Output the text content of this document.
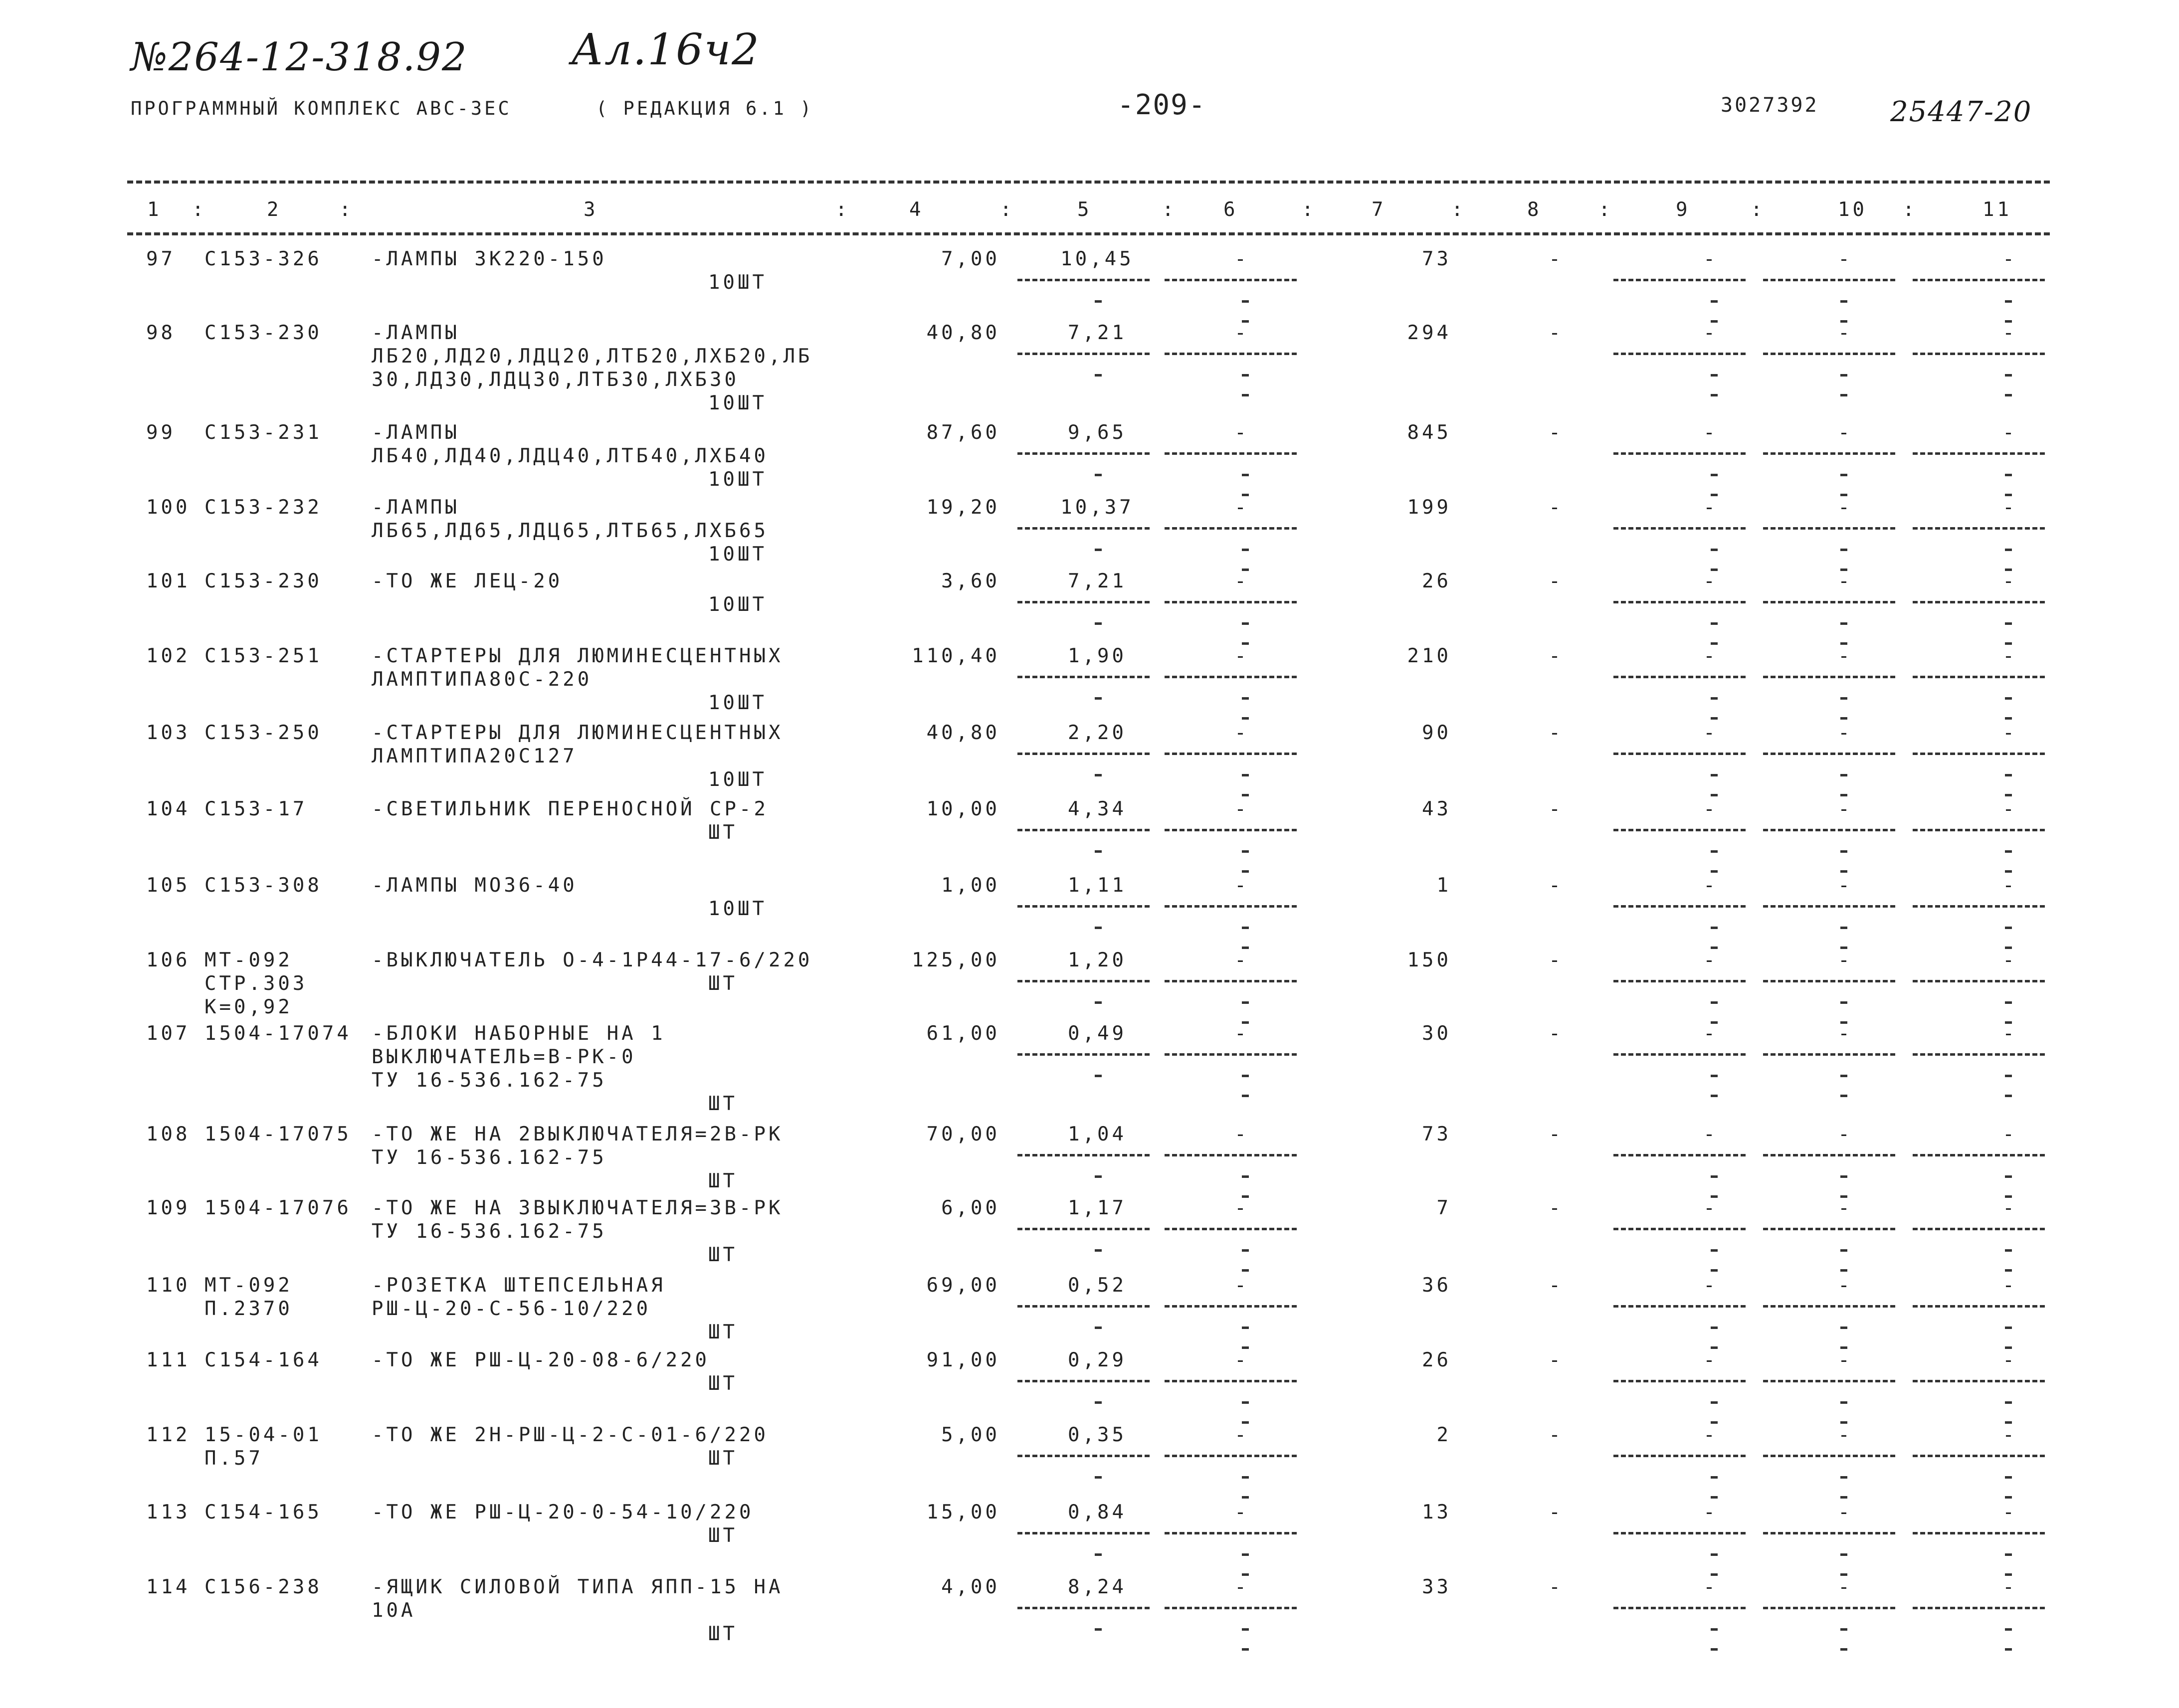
№264-12-318.92 Ал.16ч2
25447-20
ПРОГРАММНЫЙ КОМПЛЕКС АВС-3ЕС	( РЕДАКЦИЯ 6.1 )	-209-	3027392
1	2	3	4	5	6	7	8	9	10	11
:	:	:	:	:	:	:	:	:	:
97 С153-326	-ЛАМПЫ ЗК220-150
10ШТ
7,00	10,45	-	73	-	-	-	-
98 С153-230	-ЛАМПЫ
ЛБ20,ЛД20,ЛДЦ20,ЛТБ20,ЛХБ20,ЛБ
30,ЛД30,ЛДЦ30,ЛТБ30,ЛХБ30
10ШТ
40,80	7,21	-	294	-	-	-	-
99 С153-231	-ЛАМПЫ
ЛБ40,ЛД40,ЛДЦ40,ЛТБ40,ЛХБ40
10ШТ
87,60	9,65	-	845	-	-	-	-
100 С153-232	-ЛАМПЫ
ЛБ65,ЛД65,ЛДЦ65,ЛТБ65,ЛХБ65
10ШТ
19,20	10,37	-	199	-	-	-	-
101 С153-230	-ТО ЖЕ ЛЕЦ-20
10ШТ
3,60	7,21	-	26	-	-	-	-
102 С153-251	-СТАРТЕРЫ ДЛЯ ЛЮМИНЕСЦЕНТНЫХ
ЛАМПТИПА80С-220
10ШТ
110,40	1,90	-	210	-	-	-	-
103 С153-250	-СТАРТЕРЫ ДЛЯ ЛЮМИНЕСЦЕНТНЫХ
ЛАМПТИПА20С127
10ШТ
40,80	2,20	-	90	-	-	-	-
104 С153-17	-СВЕТИЛЬНИК ПЕРЕНОСНОЙ СР-2
ШТ
10,00	4,34	-	43	-	-	-	-
105 С153-308	-ЛАМПЫ МО36-40
10ШТ
1,00	1,11	-	1	-	-	-	-
106 МТ-092
СТР.303
К=0,92
-ВЫКЛЮЧАТЕЛЬ О-4-1Р44-17-6/220
ШТ
125,00	1,20	-	150	-	-	-	-
107 1504-17074 -БЛОКИ НАБОРНЫЕ НА 1
ВЫКЛЮЧАТЕЛЬ=В-РК-0
ТУ 16-536.162-75
ШТ
61,00	0,49	-	30	-	-	-	-
108 1504-17075 -ТО ЖЕ НА 2ВЫКЛЮЧАТЕЛЯ=2В-РК
ТУ 16-536.162-75
ШТ
70,00	1,04	-	73	-	-	-	-
109 1504-17076 -ТО ЖЕ НА 3ВЫКЛЮЧАТЕЛЯ=3В-РК
ТУ 16-536.162-75
ШТ
6,00	1,17	-	7	-	-	-	-
110 МТ-092
П.2370
-РОЗЕТКА ШТЕПСЕЛЬНАЯ
РШ-Ц-20-С-56-10/220
ШТ
69,00	0,52	-	36	-	-	-	-
111 С154-164	-ТО ЖЕ РШ-Ц-20-08-6/220
ШТ
91,00	0,29	-	26	-	-	-	-
112 15-04-01
П.57
-ТО ЖЕ 2Н-РШ-Ц-2-С-01-6/220
ШТ
5,00	0,35	-	2	-	-	-	-
113 С154-165	-ТО ЖЕ РШ-Ц-20-0-54-10/220
ШТ
15,00	0,84	-	13	-	-	-	-
114 С156-238	-ЯЩИК СИЛОВОЙ ТИПА ЯПП-15 НА
10А
ШТ
4,00	8,24	-	33	-	-	-	-
